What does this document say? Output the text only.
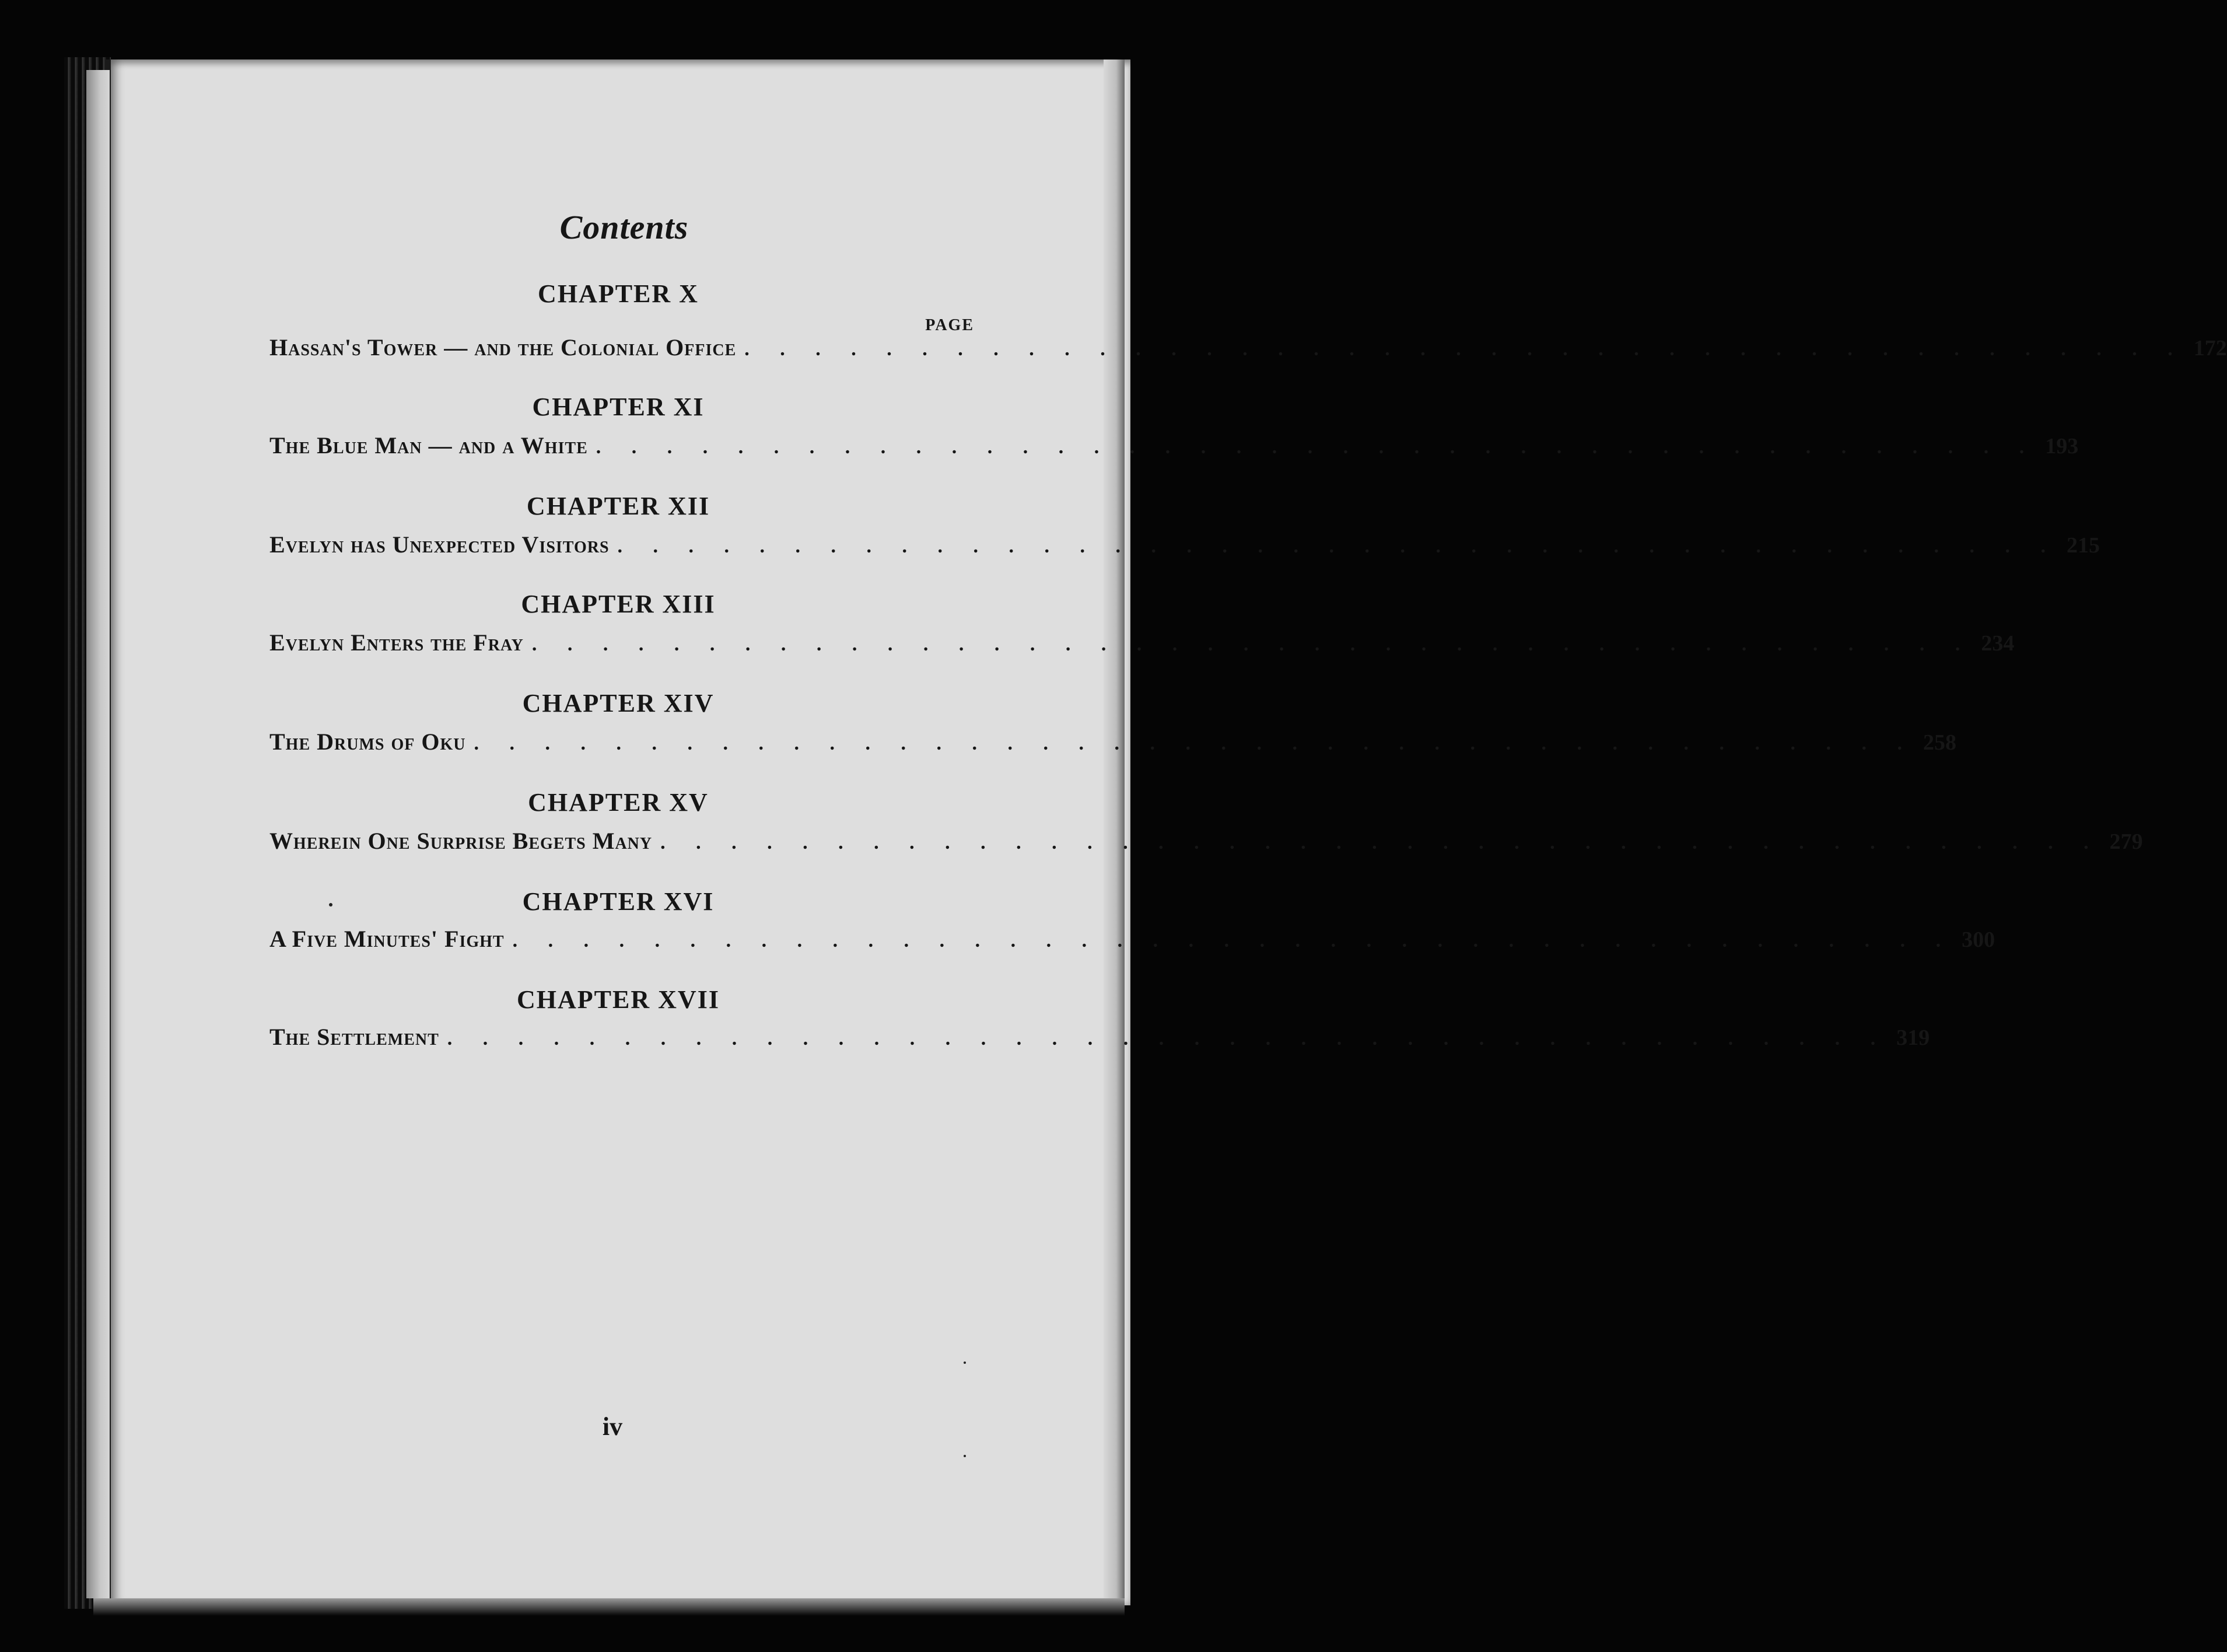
Contents
PAGE
CHAPTER X
Hassan's Tower — and the Colonial Office . . . . . . . . . . . . . . . . . . . . . . . . . . . . . . . . . . . . . . . . . 172
CHAPTER XI
The Blue Man — and a White . . . . . . . . . . . . . . . . . . . . . . . . . . . . . . . . . . . . . . . . . 193
CHAPTER XII
Evelyn has Unexpected Visitors . . . . . . . . . . . . . . . . . . . . . . . . . . . . . . . . . . . . . . . . . 215
CHAPTER XIII
Evelyn Enters the Fray . . . . . . . . . . . . . . . . . . . . . . . . . . . . . . . . . . . . . . . . . 234
CHAPTER XIV
The Drums of Oku . . . . . . . . . . . . . . . . . . . . . . . . . . . . . . . . . . . . . . . . . 258
CHAPTER XV
Wherein One Surprise Begets Many . . . . . . . . . . . . . . . . . . . . . . . . . . . . . . . . . . . . . . . . . 279
CHAPTER XVI
A Five Minutes' Fight . . . . . . . . . . . . . . . . . . . . . . . . . . . . . . . . . . . . . . . . . 300
CHAPTER XVII
The Settlement . . . . . . . . . . . . . . . . . . . . . . . . . . . . . . . . . . . . . . . . . 319
iv
